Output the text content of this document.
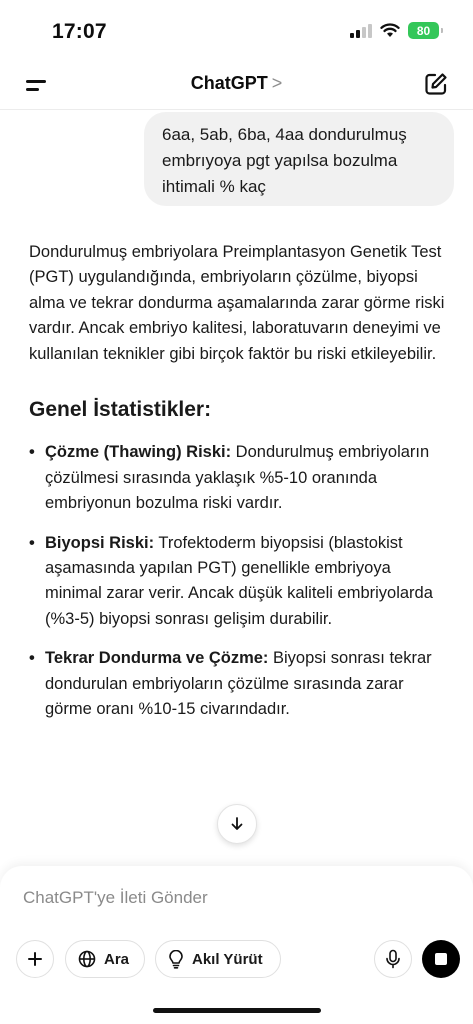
17:07	80
ChatGPT >
6aa, 5ab, 6ba, 4aa dondurulmuş embrıyoya pgt yapılsa bozulma ihtimali % kaç

Dondurulmuş embriyolara Preimplantasyon Genetik Test (PGT) uygulandığında, embriyoların çözülme, biyopsi alma ve tekrar dondurma aşamalarında zarar görme riski vardır. Ancak embriyo kalitesi, laboratuvarın deneyimi ve kullanılan teknikler gibi birçok faktör bu riski etkileyebilir.

Genel İstatistikler:
• Çözme (Thawing) Riski: Dondurulmuş embriyoların çözülmesi sırasında yaklaşık %5-10 oranında embriyonun bozulma riski vardır.
• Biyopsi Riski: Trofektoderm biyopsisi (blastokist aşamasında yapılan PGT) genellikle embriyoya minimal zarar verir. Ancak düşük kaliteli embriyolarda (%3-5) biyopsi sonrası gelişim durabilir.
• Tekrar Dondurma ve Çözme: Biyopsi sonrası tekrar dondurulan embriyoların çözülme sırasında zarar görme oranı %10-15 civarındadır.
ChatGPT'ye İleti Gönder
Ara	Akıl Yürüt
